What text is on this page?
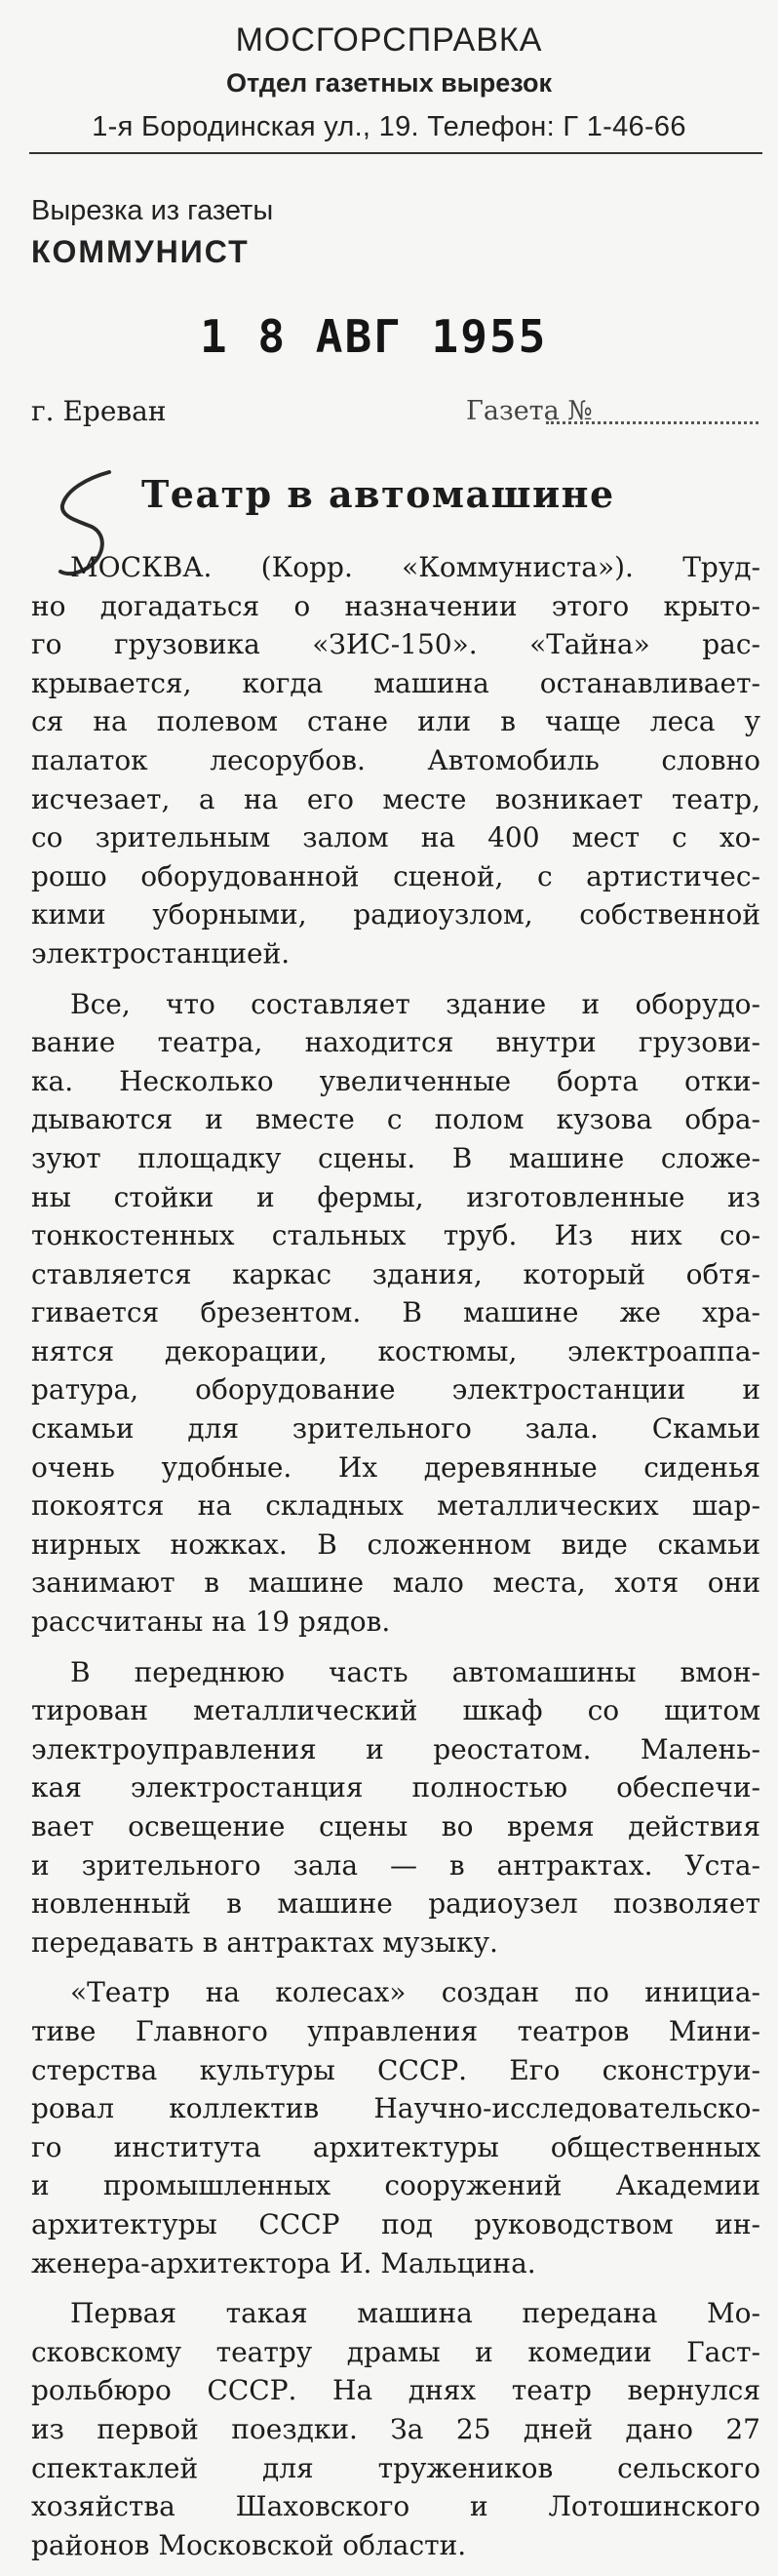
МОСГОРСПРАВКА
Отдел газетных вырезок
1-я Бородинская ул., 19. Телефон: Г 1-46-66
Вырезка из газеты
КОММУНИСТ
1 8 АВГ 1955
г. Ереван	Газета №
Театр в автомашине
МОСКВА. (Корр. «Коммуниста»). Труд-
но догадаться о назначении этого крыто-
го грузовика «ЗИС-150». «Тайна» рас-
крывается, когда машина останавливает-
ся на полевом стане или в чаще леса у
палаток лесорубов. Автомобиль словно
исчезает, а на его месте возникает театр,
со зрительным залом на 400 мест с хо-
рошо оборудованной сценой, с артистичес-
кими уборными, радиоузлом, собственной
электростанцией.
Все, что составляет здание и оборудо-
вание театра, находится внутри грузови-
ка. Несколько увеличенные борта отки-
дываются и вместе с полом кузова обра-
зуют площадку сцены. В машине сложе-
ны стойки и фермы, изготовленные из
тонкостенных стальных труб. Из них со-
ставляется каркас здания, который обтя-
гивается брезентом. В машине же хра-
нятся декорации, костюмы, электроаппа-
ратура, оборудование электростанции и
скамьи для зрительного зала. Скамьи
очень удобные. Их деревянные сиденья
покоятся на складных металлических шар-
нирных ножках. В сложенном виде скамьи
занимают в машине мало места, хотя они
рассчитаны на 19 рядов.
В переднюю часть автомашины вмон-
тирован металлический шкаф со щитом
электроуправления и реостатом. Малень-
кая электростанция полностью обеспечи-
вает освещение сцены во время действия
и зрительного зала — в антрактах. Уста-
новленный в машине радиоузел позволяет
передавать в антрактах музыку.
«Театр на колесах» создан по инициа-
тиве Главного управления театров Мини-
стерства культуры СССР. Его сконструи-
ровал коллектив Научно-исследовательско-
го института архитектуры общественных
и промышленных сооружений Академии
архитектуры СССР под руководством ин-
женера-архитектора И. Мальцина.
Первая такая машина передана Мо-
сковскому театру драмы и комедии Гаст-
рольбюро СССР. На днях театр вернулся
из первой поездки. За 25 дней дано 27
спектаклей для тружеников сельского
хозяйства Шаховского и Лотошинского
районов Московской области.
